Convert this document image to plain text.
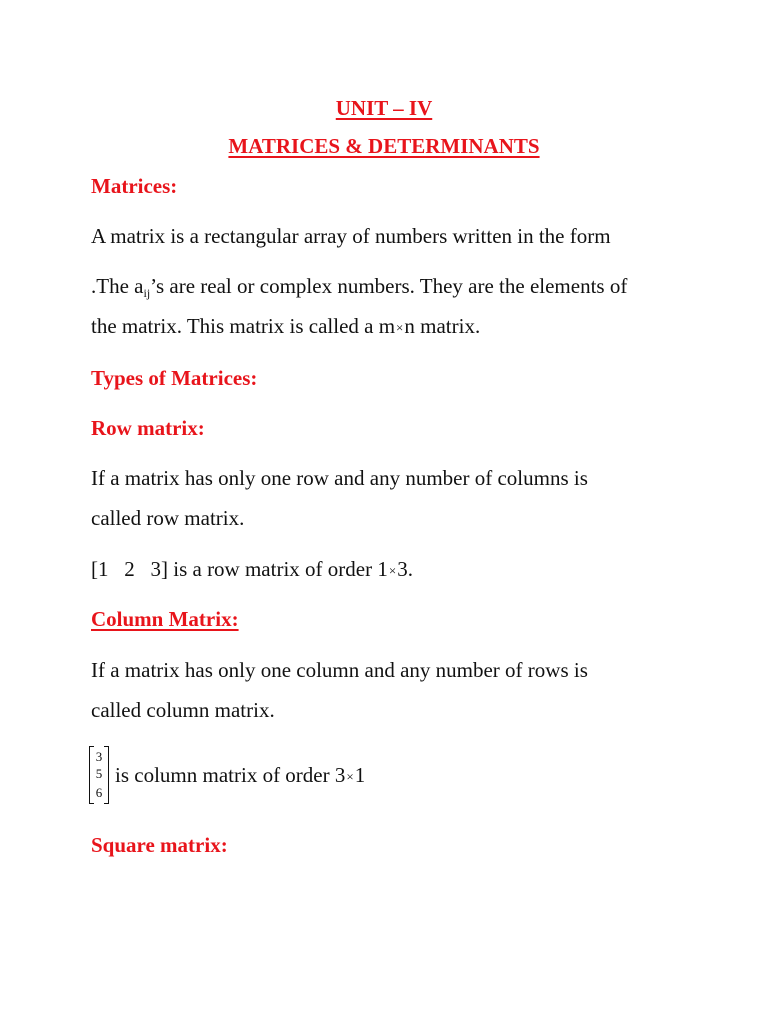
UNIT – IV
MATRICES & DETERMINANTS
Matrices:
A matrix is a rectangular array of numbers written in the form
.The $a_{ij}’s$ are real or complex numbers. They are the elements of
the matrix. This matrix is called a m×n matrix.
Types of Matrices:
Row matrix:
If a matrix has only one row and any number of columns is
called row matrix.
[1   2   3] is a row matrix of order 1×3.
Column Matrix:
If a matrix has only one column and any number of rows is
called column matrix.
3
5
6
is column matrix of order 3×1
Square matrix:
